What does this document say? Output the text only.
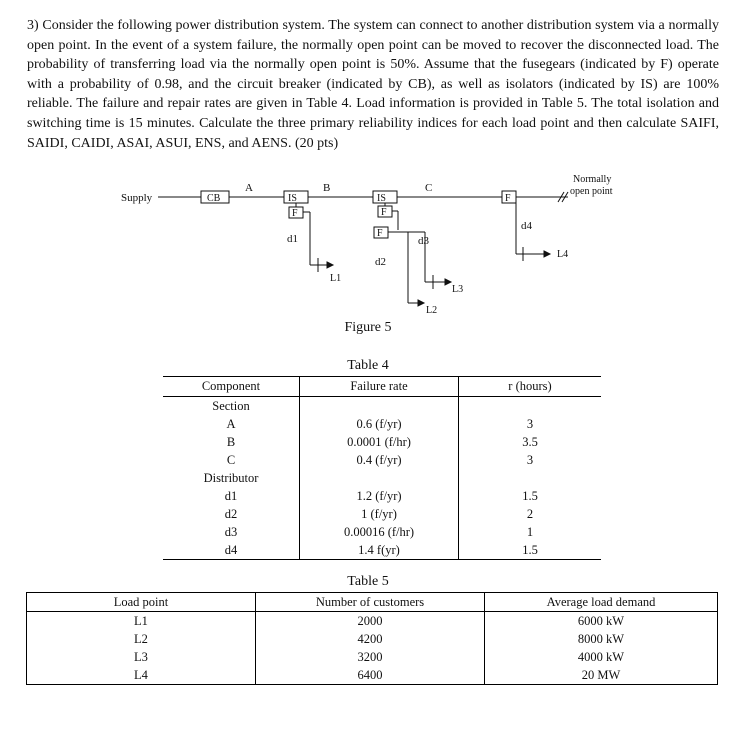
3) Consider the following power distribution system. The system can connect to another distribution system via a normally open point. In the event of a system failure, the normally open point can be moved to recover the disconnected load. The probability of transferring load via the normally open point is 50%. Assume that the fusegears (indicated by F) operate with a probability of 0.98, and the circuit breaker (indicated by CB), as well as isolators (indicated by IS) are 100% reliable. The failure and repair rates are given in Table 4. Load information is provided in Table 5. The total isolation and switching time is 15 minutes. Calculate the three primary reliability indices for each load point and then calculate SAIFI, SAIDI, CAIDI, ASAI, ASUI, ENS, and AENS. (20 pts)

Supply	CB
A
IS
B
IS
C
F
Normally
open point
F
d1
L1
F
F
d2
L2
d3
L3
d4
L4
Figure 5
Table 4
Component	Failure rate	r (hours)
Section		
A	0.6 (f/yr)	3
B	0.0001 (f/hr)	3.5
C	0.4 (f/yr)	3
Distributor		
d1	1.2 (f/yr)	1.5
d2	1 (f/yr)	2
d3	0.00016 (f/hr)	1
d4	1.4 f(yr)	1.5
Table 5
Load point	Number of customers	Average load demand
L1	2000	6000 kW
L2	4200	8000 kW
L3	3200	4000 kW
L4	6400	20 MW
